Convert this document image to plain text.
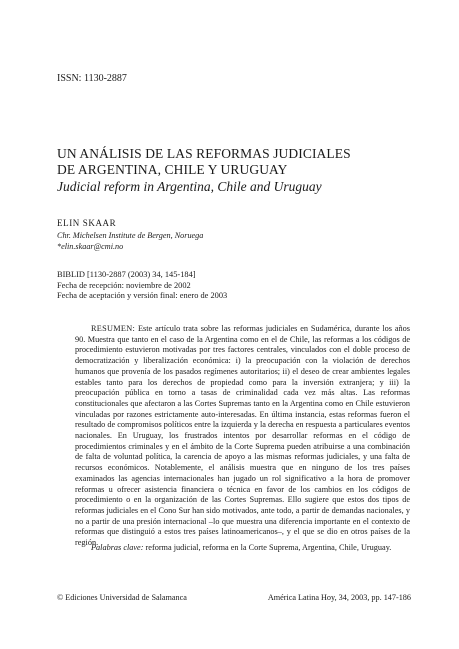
ISSN: 1130-2887
UN ANÁLISIS DE LAS REFORMAS JUDICIALES
DE ARGENTINA, CHILE Y URUGUAY
Judicial reform in Argentina, Chile and Uruguay
ELIN SKAAR
Chr. Michelsen Institute de Bergen, Noruega
*elin.skaar@cmi.no
BIBLID [1130-2887 (2003) 34, 145-184]
Fecha de recepción: noviembre de 2002
Fecha de aceptación y versión final: enero de 2003
RESUMEN: Este artículo trata sobre las reformas judiciales en Sudamérica, durante los años 90. Muestra que tanto en el caso de la Argentina como en el de Chile, las reformas a los códigos de procedimiento estuvieron motivadas por tres factores centrales, vinculados con el doble proceso de democratización y liberalización económica: i) la preocupación con la violación de derechos humanos que provenía de los pasados regímenes autoritarios; ii) el deseo de crear ambientes legales estables tanto para los derechos de propiedad como para la inversión extranjera; y iii) la preocupación pública en torno a tasas de criminalidad cada vez más altas. Las reformas constitucionales que afectaron a las Cortes Supremas tanto en la Argentina como en Chile estuvieron vinculadas por razones estrictamente auto-interesadas. En última instancia, estas reformas fueron el resultado de compromisos políticos entre la izquierda y la derecha en respuesta a particulares eventos nacionales. En Uruguay, los frustrados intentos por desarrollar reformas en el código de procedimientos criminales y en el ámbito de la Corte Suprema pueden atribuirse a una combinación de falta de voluntad política, la carencia de apoyo a las mismas reformas judiciales, y una falta de recursos económicos. Notablemente, el análisis muestra que en ninguno de los tres países examinados las agencias internacionales han jugado un rol significativo a la hora de promover reformas u ofrecer asistencia financiera o técnica en favor de los cambios en los códigos de procedimiento o en la organización de las Cortes Supremas. Ello sugiere que estos dos tipos de reformas judiciales en el Cono Sur han sido motivados, ante todo, a partir de demandas nacionales, y no a partir de una presión internacional –lo que muestra una diferencia importante en el contexto de reformas que distinguió a estos tres países latinoamericanos–, y el que se dio en otros países de la región.
Palabras clave: reforma judicial, reforma en la Corte Suprema, Argentina, Chile, Uruguay.
© Ediciones Universidad de Salamanca	América Latina Hoy, 34, 2003, pp. 147-186
